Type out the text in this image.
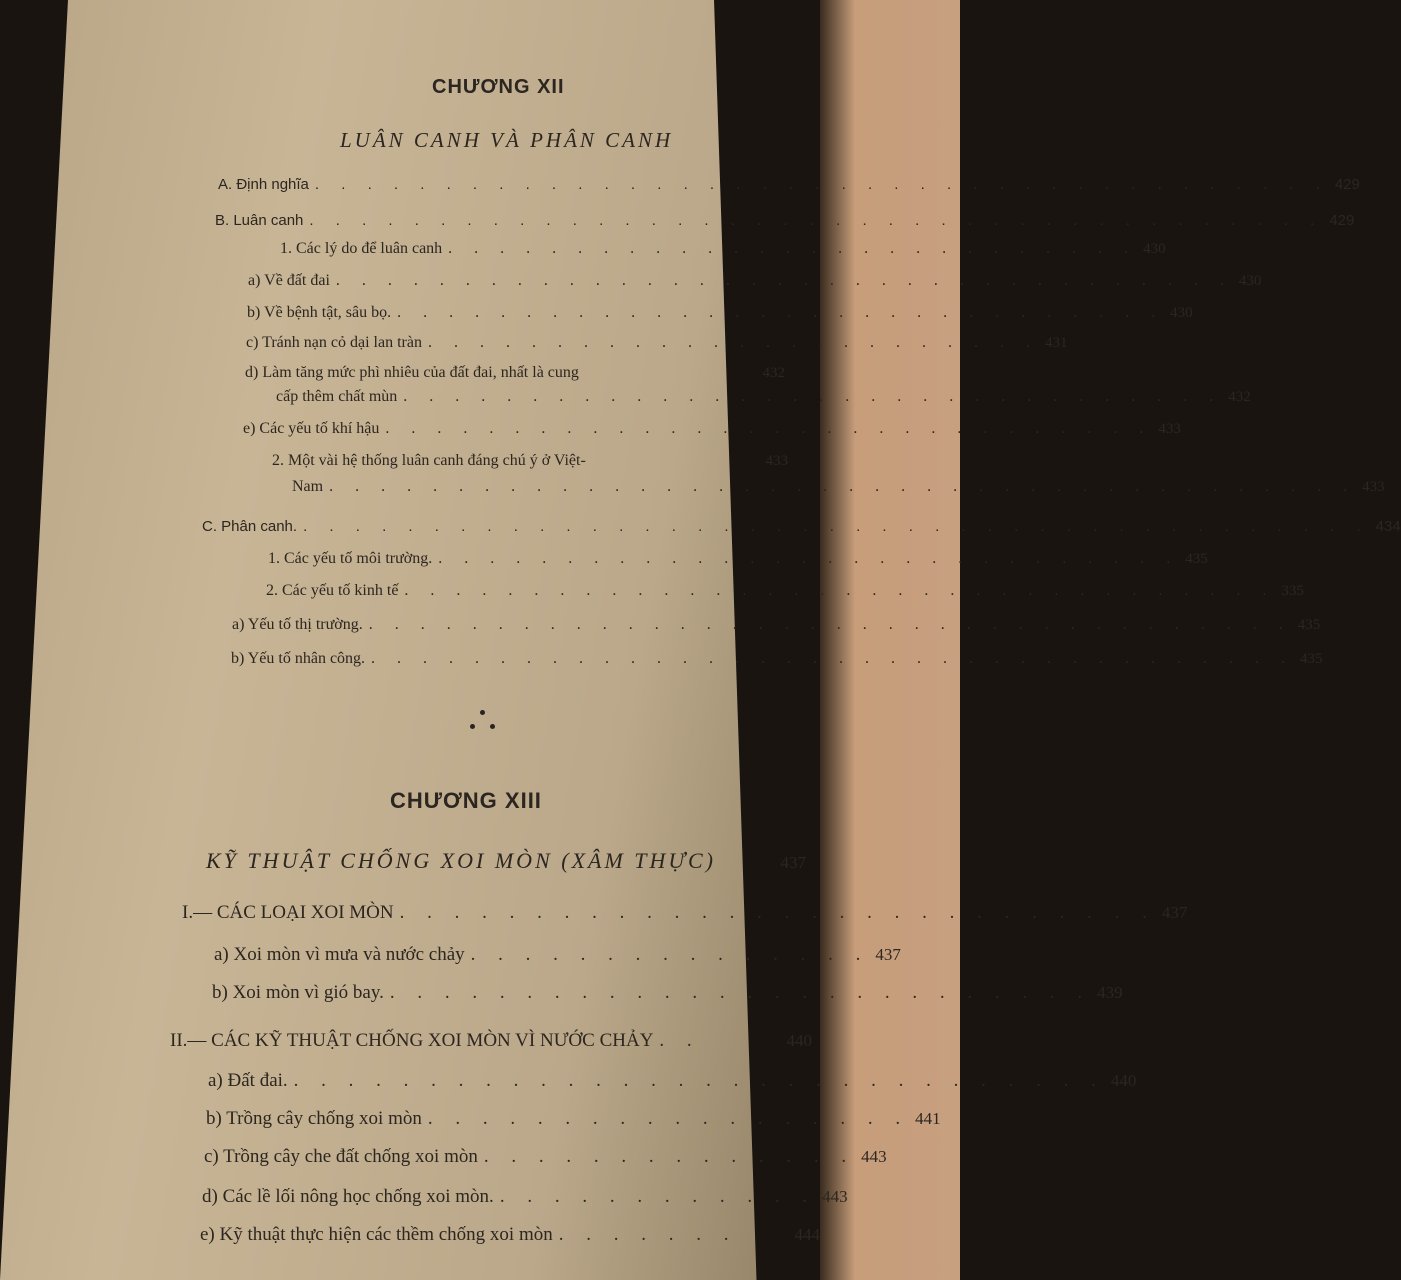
CHƯƠNG XII
LUÂN CANH VÀ PHÂN CANH
A. Định nghĩa . . . . . . . . . . . . . . . . . . . . . . . . . . . . . . . . . . . . . . . 429
B. Luân canh . . . . . . . . . . . . . . . . . . . . . . . . . . . . . . . . . . . . . . . 429
1. Các lý do để luân canh . . . . . . . . . . . . . . . . . . . . . . . . . . . 430
a) Về đất đai . . . . . . . . . . . . . . . . . . . . . . . . . . . . . . . . . . . 430
b) Về bệnh tật, sâu bọ. . . . . . . . . . . . . . . . . . . . . . . . . . . . . . . 430
c) Tránh nạn cỏ dại lan tràn . . . . . . . . . . . . . . . . . . . . . . . . 431
d) Làm tăng mức phì nhiêu của đất đai, nhất là cung	432
cấp thêm chất mùn . . . . . . . . . . . . . . . . . . . . . . . . . . . . . . . . 432
e) Các yếu tố khí hậu . . . . . . . . . . . . . . . . . . . . . . . . . . . . . . 433
2. Một vài hệ thống luân canh đáng chú ý ở Việt-	433
Nam . . . . . . . . . . . . . . . . . . . . . . . . . . . . . . . . . . . . . . . . 433
C. Phân canh. . . . . . . . . . . . . . . . . . . . . . . . . . . . . . . . . . . . . . . . . . 434
1. Các yếu tố môi trường. . . . . . . . . . . . . . . . . . . . . . . . . . . . . . 435
2. Các yếu tố kinh tế . . . . . . . . . . . . . . . . . . . . . . . . . . . . . . . . . . 335
a) Yếu tố thị trường. . . . . . . . . . . . . . . . . . . . . . . . . . . . . . . . . . . . . 435
b) Yếu tố nhân công. . . . . . . . . . . . . . . . . . . . . . . . . . . . . . . . . . . . . 435
CHƯƠNG XIII
KỸ THUẬT CHỐNG XOI MÒN (XÂM THỰC)	437
I.— CÁC LOẠI XOI MÒN . . . . . . . . . . . . . . . . . . . . . . . . . . . . 437
a) Xoi mòn vì mưa và nước chảy . . . . . . . . . . . . . . . 437
b) Xoi mòn vì gió bay. . . . . . . . . . . . . . . . . . . . . . . . . . . 439
II.— CÁC KỸ THUẬT CHỐNG XOI MÒN VÌ NƯỚC CHẢY . .	440
a) Đất đai. . . . . . . . . . . . . . . . . . . . . . . . . . . . . . . 440
b) Trồng cây chống xoi mòn . . . . . . . . . . . . . . . . . . 441
c) Trồng cây che đất chống xoi mòn . . . . . . . . . . . . . . 443
d) Các lề lối nông học chống xoi mòn. . . . . . . . . . . . . 443
e) Kỹ thuật thực hiện các thềm chống xoi mòn . . . . . . .	444
